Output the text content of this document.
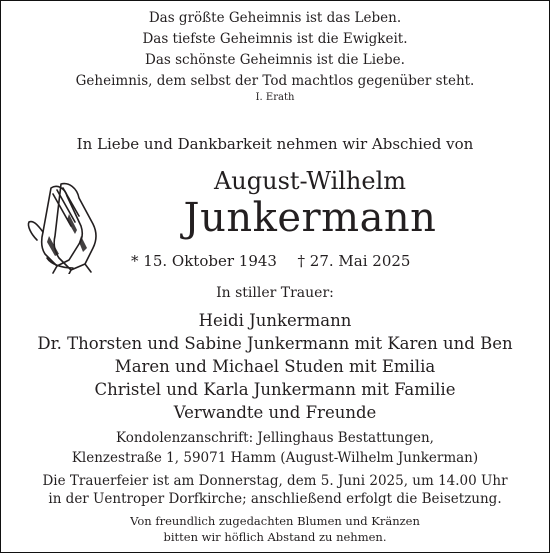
Das größte Geheimnis ist das Leben.
Das tiefste Geheimnis ist die Ewigkeit.
Das schönste Geheimnis ist die Liebe.
Geheimnis, dem selbst der Tod machtlos gegenüber steht.
I. Erath
In Liebe und Dankbarkeit nehmen wir Abschied von
August-Wilhelm
Junkermann
* 15. Oktober 1943	† 27. Mai 2025
In stiller Trauer:
Heidi Junkermann
Dr. Thorsten und Sabine Junkermann mit Karen und Ben
Maren und Michael Studen mit Emilia
Christel und Karla Junkermann mit Familie
Verwandte und Freunde
Kondolenzanschrift: Jellinghaus Bestattungen,
Klenzestraße 1, 59071 Hamm (August-Wilhelm Junkerman)
Die Trauerfeier ist am Donnerstag, dem 5. Juni 2025, um 14.00 Uhr
in der Uentroper Dorfkirche; anschließend erfolgt die Beisetzung.
Von freundlich zugedachten Blumen und Kränzen
bitten wir höflich Abstand zu nehmen.
